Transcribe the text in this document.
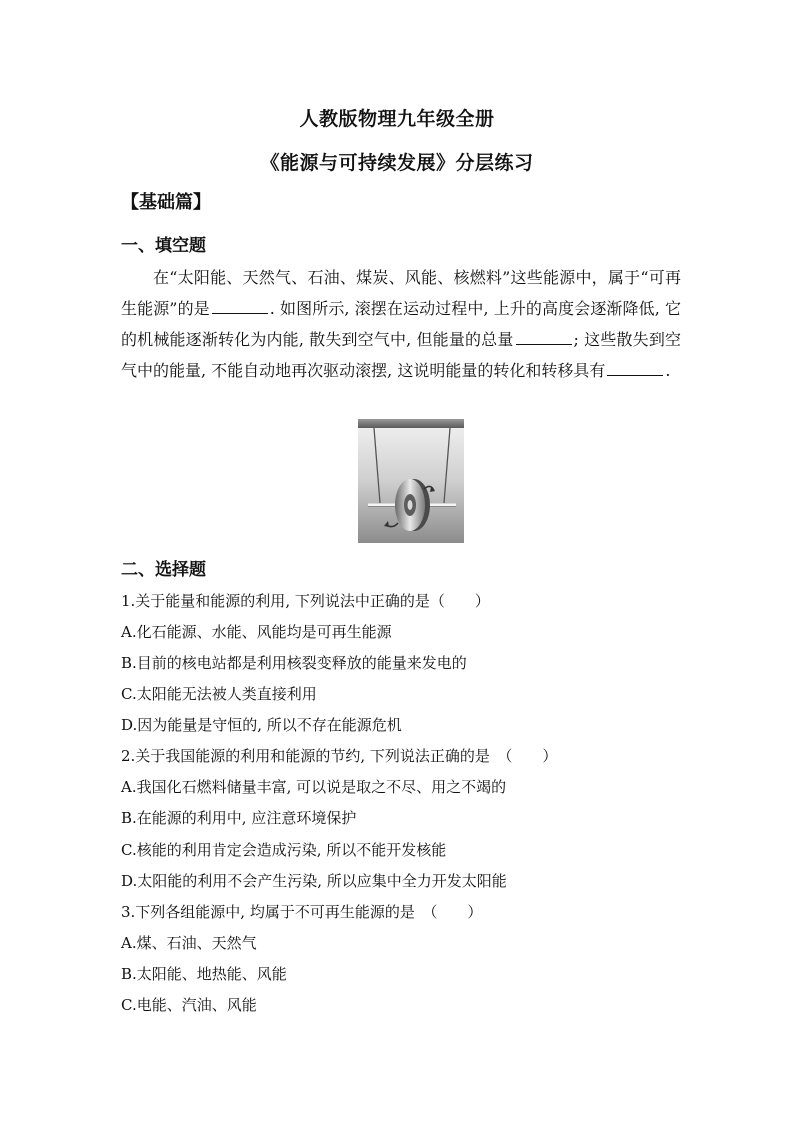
人教版物理九年级全册
《能源与可持续发展》分层练习
【基础篇】
一、填空题
在“太阳能、天然气、石油、煤炭、风能、核燃料”这些能源中，属于“可再生能源”的是	. 如图所示, 滚摆在运动过程中, 上升的高度会逐渐降低, 它的机械能逐渐转化为内能, 散失到空气中, 但能量的总量	; 这些散失到空气中的能量, 不能自动地再次驱动滚摆, 这说明能量的转化和转移具有	.
二、选择题
1.关于能量和能源的利用, 下列说法中正确的是（　　）
A.化石能源、水能、风能均是可再生能源
B.目前的核电站都是利用核裂变释放的能量来发电的
C.太阳能无法被人类直接利用
D.因为能量是守恒的, 所以不存在能源危机
2.关于我国能源的利用和能源的节约, 下列说法正确的是　（　　）
A.我国化石燃料储量丰富, 可以说是取之不尽、用之不竭的
B.在能源的利用中, 应注意环境保护
C.核能的利用肯定会造成污染, 所以不能开发核能
D.太阳能的利用不会产生污染, 所以应集中全力开发太阳能
3.下列各组能源中, 均属于不可再生能源的是　（　　）
A.煤、石油、天然气
B.太阳能、地热能、风能
C.电能、汽油、风能
